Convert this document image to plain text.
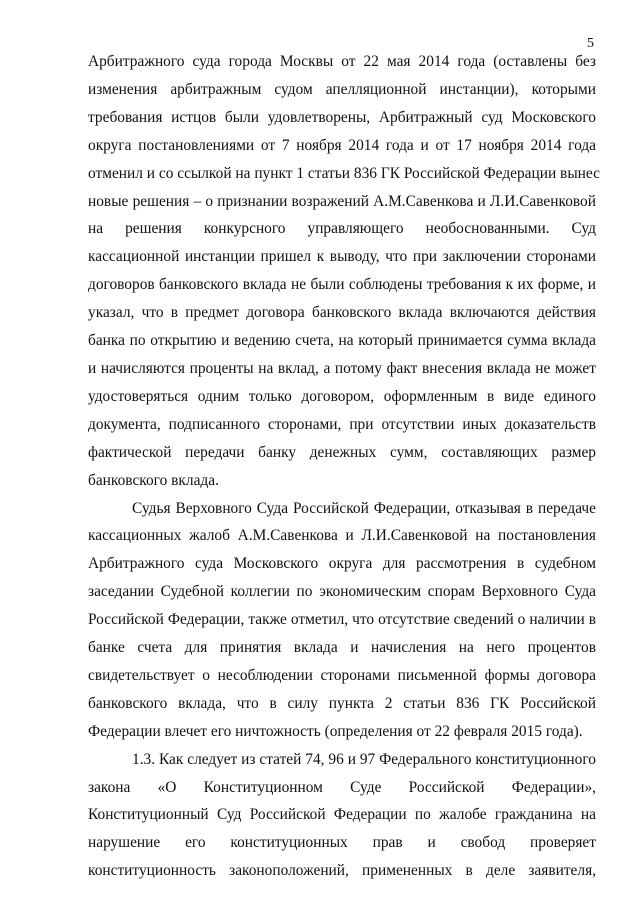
5

Арбитражного суда города Москвы от 22 мая 2014 года (оставлены без
изменения арбитражным судом апелляционной инстанции), которыми
требования истцов были удовлетворены, Арбитражный суд Московского
округа постановлениями от 7 ноября 2014 года и от 17 ноября 2014 года
отменил и со ссылкой на пункт 1 статьи 836 ГК Российской Федерации вынес
новые решения – о признании возражений А.М.Савенкова и Л.И.Савенковой
на решения конкурсного управляющего необоснованными. Суд
кассационной инстанции пришел к выводу, что при заключении сторонами
договоров банковского вклада не были соблюдены требования к их форме, и
указал, что в предмет договора банковского вклада включаются действия
банка по открытию и ведению счета, на который принимается сумма вклада
и начисляются проценты на вклад, а потому факт внесения вклада не может
удостоверяться одним только договором, оформленным в виде единого
документа, подписанного сторонами, при отсутствии иных доказательств
фактической передачи банку денежных сумм, составляющих размер
банковского вклада.

Судья Верховного Суда Российской Федерации, отказывая в передаче
кассационных жалоб А.М.Савенкова и Л.И.Савенковой на постановления
Арбитражного суда Московского округа для рассмотрения в судебном
заседании Судебной коллегии по экономическим спорам Верховного Суда
Российской Федерации, также отметил, что отсутствие сведений о наличии в
банке счета для принятия вклада и начисления на него процентов
свидетельствует о несоблюдении сторонами письменной формы договора
банковского вклада, что в силу пункта 2 статьи 836 ГК Российской
Федерации влечет его ничтожность (определения от 22 февраля 2015 года).

1.3. Как следует из статей 74, 96 и 97 Федерального конституционного
закона «О Конституционном Суде Российской Федерации»,
Конституционный Суд Российской Федерации по жалобе гражданина на
нарушение его конституционных прав и свобод проверяет
конституционность законоположений, примененных в деле заявителя,
